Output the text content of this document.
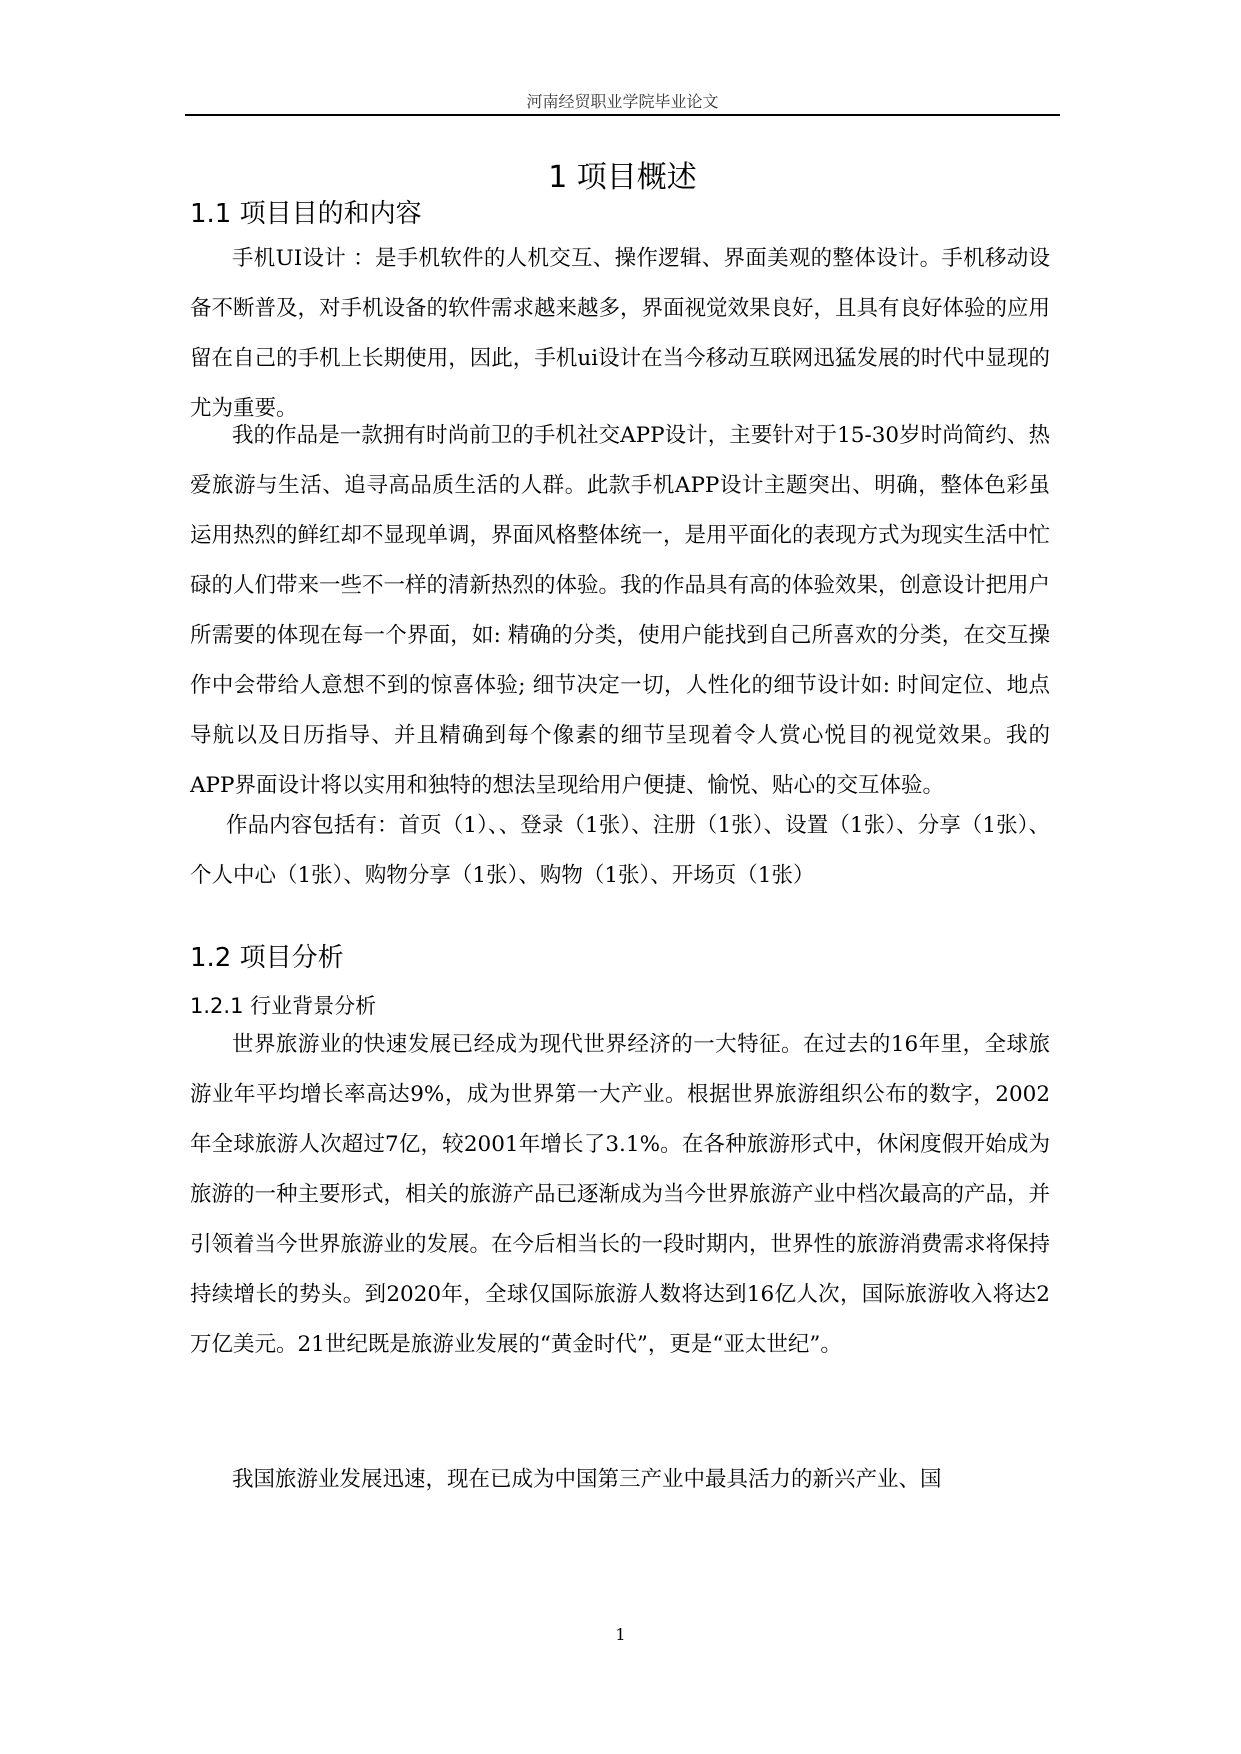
河南经贸职业学院毕业论文
1 项目概述
1.1 项目目的和内容

手机UI设计 ：是手机软件的人机交互、操作逻辑、界面美观的整体设计。手机移动设备不断普及，对手机设备的软件需求越来越多，界面视觉效果良好，且具有良好体验的应用留在自己的手机上长期使用，因此，手机ui设计在当今移动互联网迅猛发展的时代中显现的尤为重要。

我的作品是一款拥有时尚前卫的手机社交APP设计，主要针对于15-30岁时尚简约、热爱旅游与生活、追寻高品质生活的人群。此款手机APP设计主题突出、明确，整体色彩虽运用热烈的鲜红却不显现单调，界面风格整体统一，是用平面化的表现方式为现实生活中忙碌的人们带来一些不一样的清新热烈的体验。我的作品具有高的体验效果，创意设计把用户所需要的体现在每一个界面，如: 精确的分类，使用户能找到自己所喜欢的分类，在交互操作中会带给人意想不到的惊喜体验; 细节决定一切，人性化的细节设计如: 时间定位、地点导航以及日历指导、并且精确到每个像素的细节呈现着令人赏心悦目的视觉效果。我的APP界面设计将以实用和独特的想法呈现给用户便捷、愉悦、贴心的交互体验。

作品内容包括有：首页（1）、、登录（1张）、注册（1张）、设置（1张）、分享（1张）、个人中心（1张）、购物分享（1张）、购物（1张）、开场页（1张）

1.2 项目分析
1.2.1 行业背景分析

世界旅游业的快速发展已经成为现代世界经济的一大特征。在过去的16年里，全球旅游业年平均增长率高达9%，成为世界第一大产业。根据世界旅游组织公布的数字，2002年全球旅游人次超过7亿，较2001年增长了3.1%。在各种旅游形式中，休闲度假开始成为旅游的一种主要形式，相关的旅游产品已逐渐成为当今世界旅游产业中档次最高的产品，并引领着当今世界旅游业的发展。在今后相当长的一段时期内，世界性的旅游消费需求将保持持续增长的势头。到2020年，全球仅国际旅游人数将达到16亿人次，国际旅游收入将达2万亿美元。21世纪既是旅游业发展的“黄金时代”，更是“亚太世纪”。

我国旅游业发展迅速，现在已成为中国第三产业中最具活力的新兴产业、国

1
